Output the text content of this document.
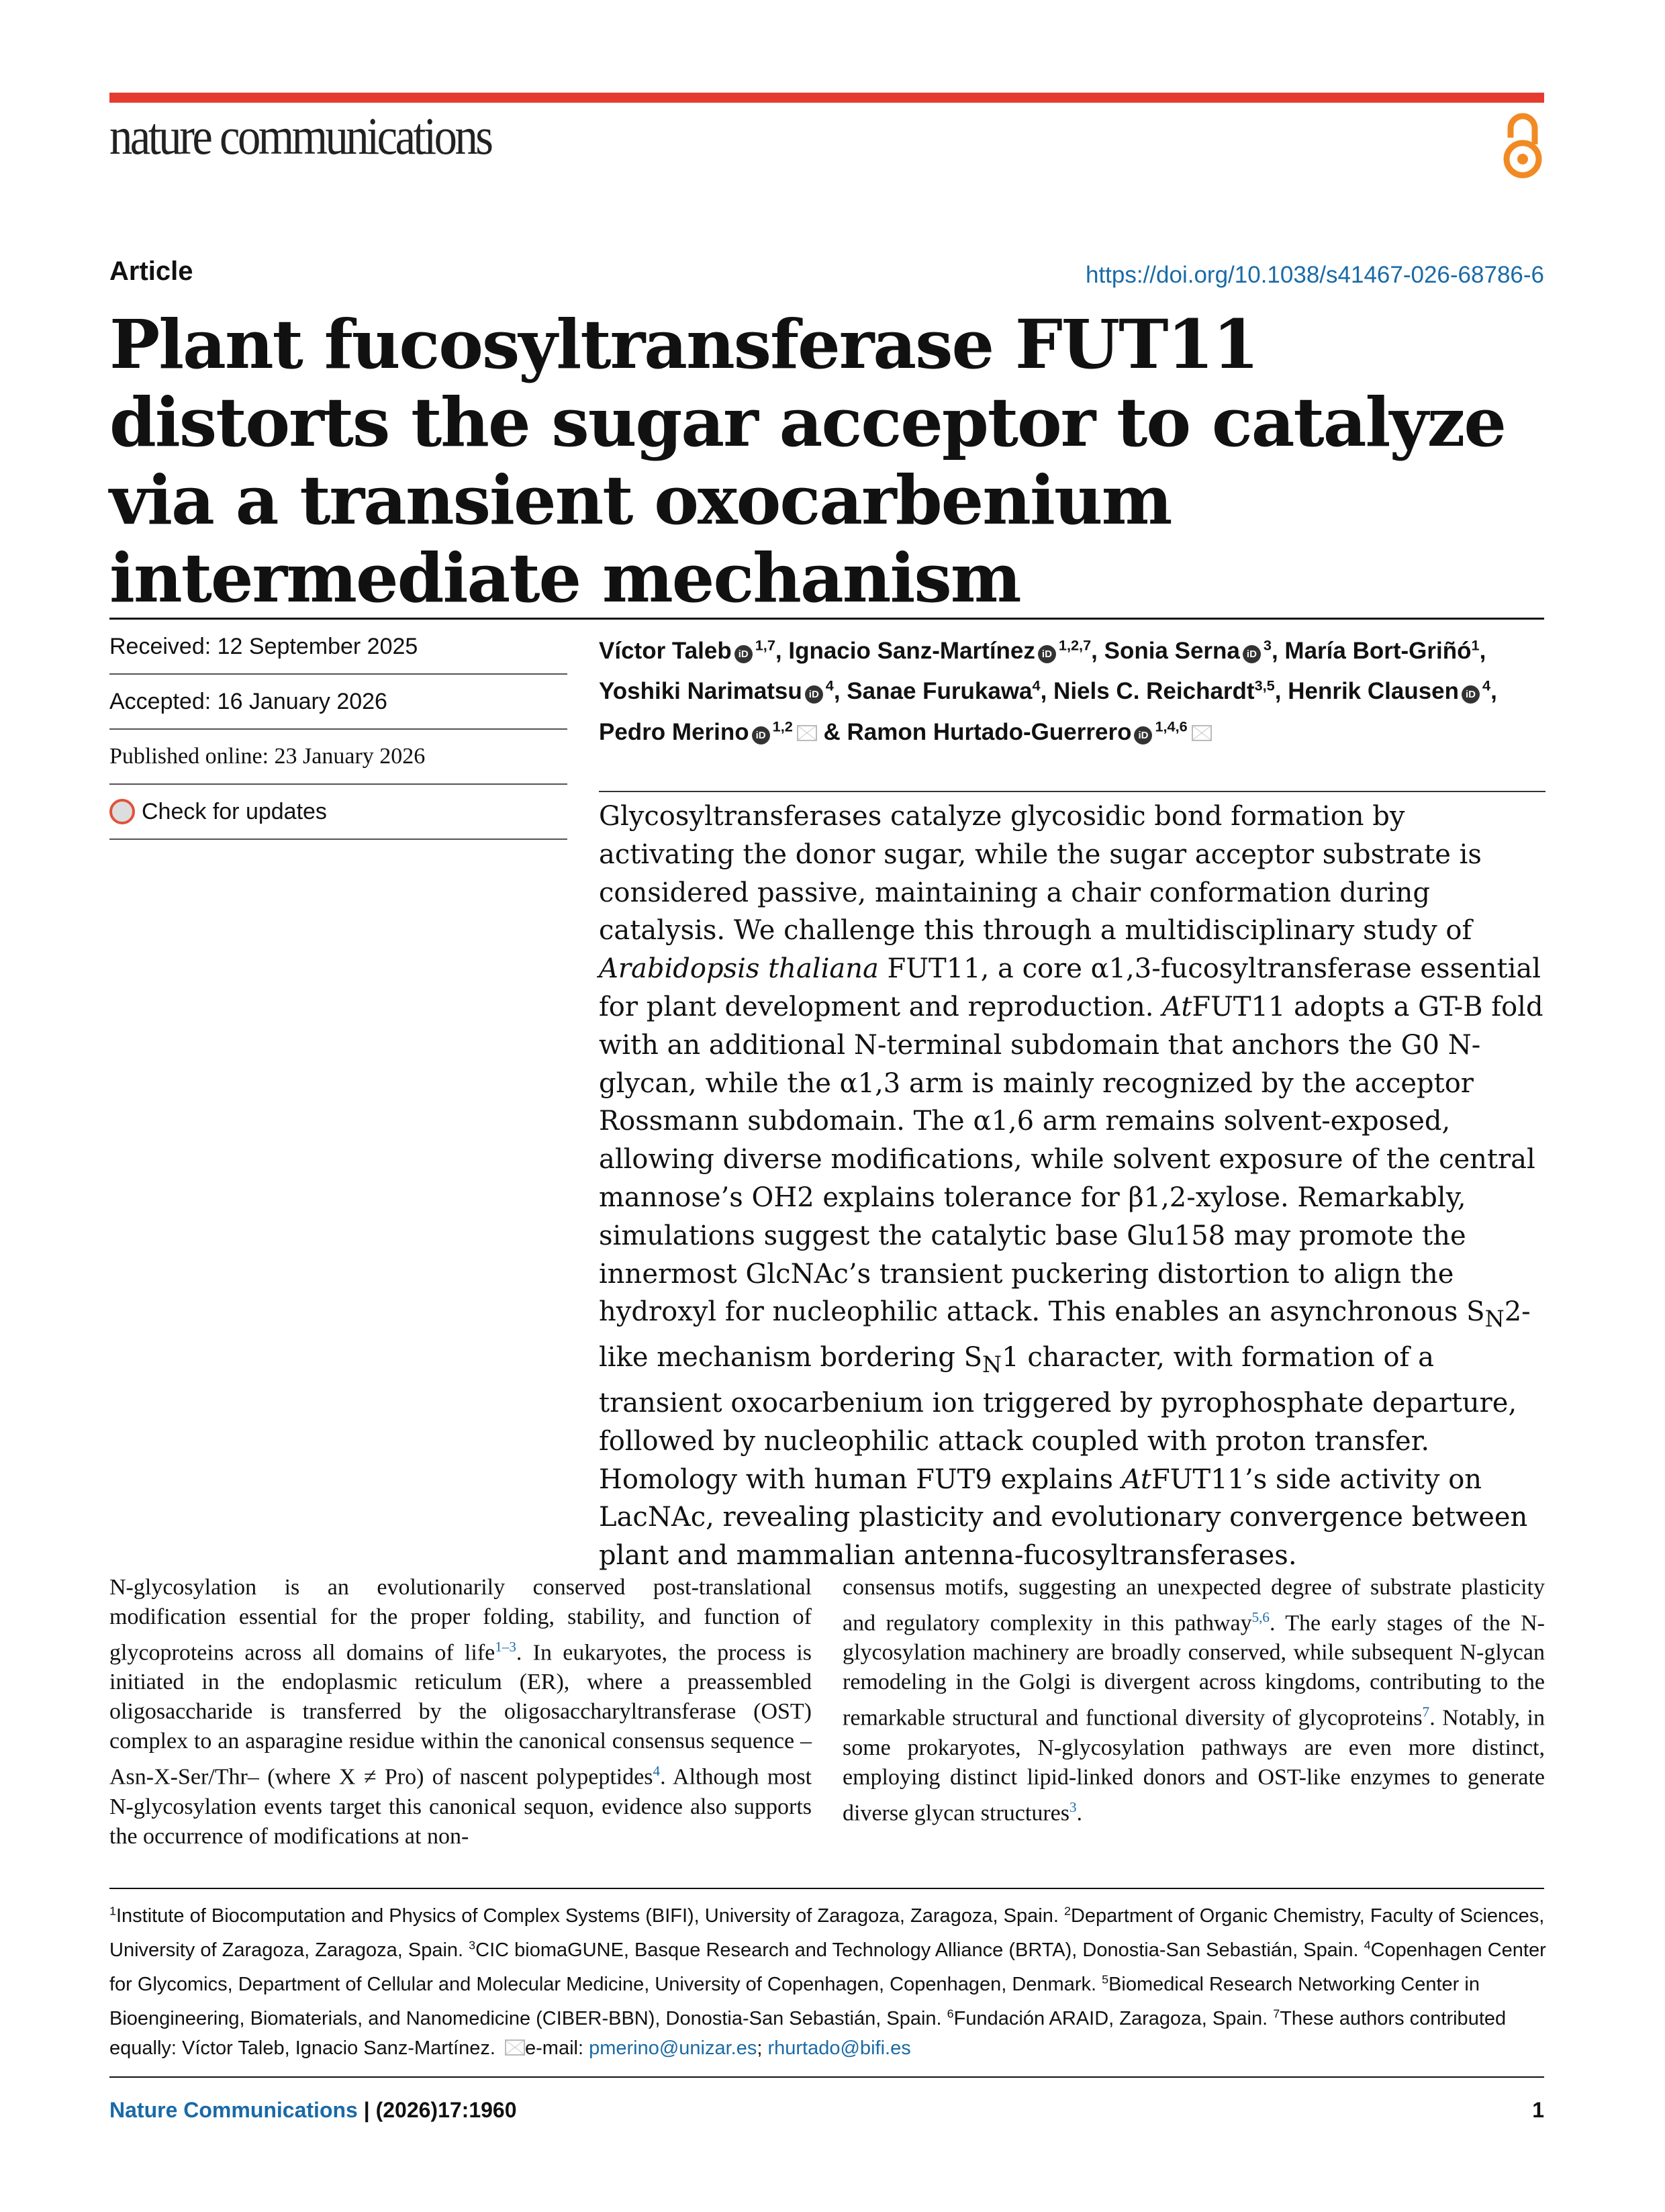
nature communications
Article	https://doi.org/10.1038/s41467-026-68786-6
Plant fucosyltransferase FUT11 distorts the sugar acceptor to catalyze via a transient oxocarbenium intermediate mechanism
Received: 12 September 2025
Accepted: 16 January 2026
Published online: 23 January 2026
Check for updates
Víctor Taleb iD$^{1,7}$, Ignacio Sanz-Martínez iD$^{1,2,7}$, Sonia Serna $iD^3$, María Bort-Griñó$^1$, Yoshiki Narimatsu $iD^4$, Sanae Furukawa$^4$, Niels C. Reichardt$^{3,5}$, Henrik Clausen $iD^4$, Pedro Merino iD$^{1,2}$ & Ramon Hurtado-Guerrero iD$^{1,4,6}$
Glycosyltransferases catalyze glycosidic bond formation by activating the donor sugar, while the sugar acceptor substrate is considered passive, maintaining a chair conformation during catalysis. We challenge this through a multidisciplinary study of Arabidopsis thaliana FUT11, a core α1,3-fucosyltransferase essential for plant development and reproduction. AtFUT11 adopts a GT-B fold with an additional N-terminal subdomain that anchors the G0 N-glycan, while the α1,3 arm is mainly recognized by the acceptor Rossmann subdomain. The α1,6 arm remains solvent-exposed, allowing diverse modifications, while solvent exposure of the central mannose’s OH2 explains tolerance for β1,2-xylose. Remarkably, simulations suggest the catalytic base Glu158 may promote the innermost GlcNAc’s transient puckering distortion to align the hydroxyl for nucleophilic attack. This enables an asynchronous $S_N2$-like mechanism bordering $S_N1$ character, with formation of a transient oxocarbenium ion triggered by pyrophosphate departure, followed by nucleophilic attack coupled with proton transfer. Homology with human FUT9 explains AtFUT11’s side activity on LacNAc, revealing plasticity and evolutionary convergence between plant and mammalian antenna-fucosyltransferases.
N-glycosylation is an evolutionarily conserved post-translational modification essential for the proper folding, stability, and function of glycoproteins across all domains of life$^{1-3}$. In eukaryotes, the process is initiated in the endoplasmic reticulum (ER), where a preassembled oligosaccharide is transferred by the oligosaccharyltransferase (OST) complex to an asparagine residue within the canonical consensus sequence –Asn-X-Ser/Thr– (where X ≠ Pro) of nascent polypeptides$^4$. Although most N-glycosylation events target this canonical sequon, evidence also supports the occurrence of modifications at non-
consensus motifs, suggesting an unexpected degree of substrate plasticity and regulatory complexity in this pathway$^{5,6}$. The early stages of the N-glycosylation machinery are broadly conserved, while subsequent N-glycan remodeling in the Golgi is divergent across kingdoms, contributing to the remarkable structural and functional diversity of glycoproteins$^7$. Notably, in some prokaryotes, N-glycosylation pathways are even more distinct, employing distinct lipid-linked donors and OST-like enzymes to generate diverse glycan structures$^3$.
$^1$Institute of Biocomputation and Physics of Complex Systems (BIFI), University of Zaragoza, Zaragoza, Spain. $^2$Department of Organic Chemistry, Faculty of Sciences, University of Zaragoza, Zaragoza, Spain. $^3$CIC biomaGUNE, Basque Research and Technology Alliance (BRTA), Donostia-San Sebastián, Spain. $^4$Copenhagen Center for Glycomics, Department of Cellular and Molecular Medicine, University of Copenhagen, Copenhagen, Denmark. $^5$Biomedical Research Networking Center in Bioengineering, Biomaterials, and Nanomedicine (CIBER-BBN), Donostia-San Sebastián, Spain. $^6$Fundación ARAID, Zaragoza, Spain. $^7$These authors contributed equally: Víctor Taleb, Ignacio Sanz-Martínez. e-mail: pmerino@unizar.es; rhurtado@bifi.es
Nature Communications | (2026)17:1960	1
